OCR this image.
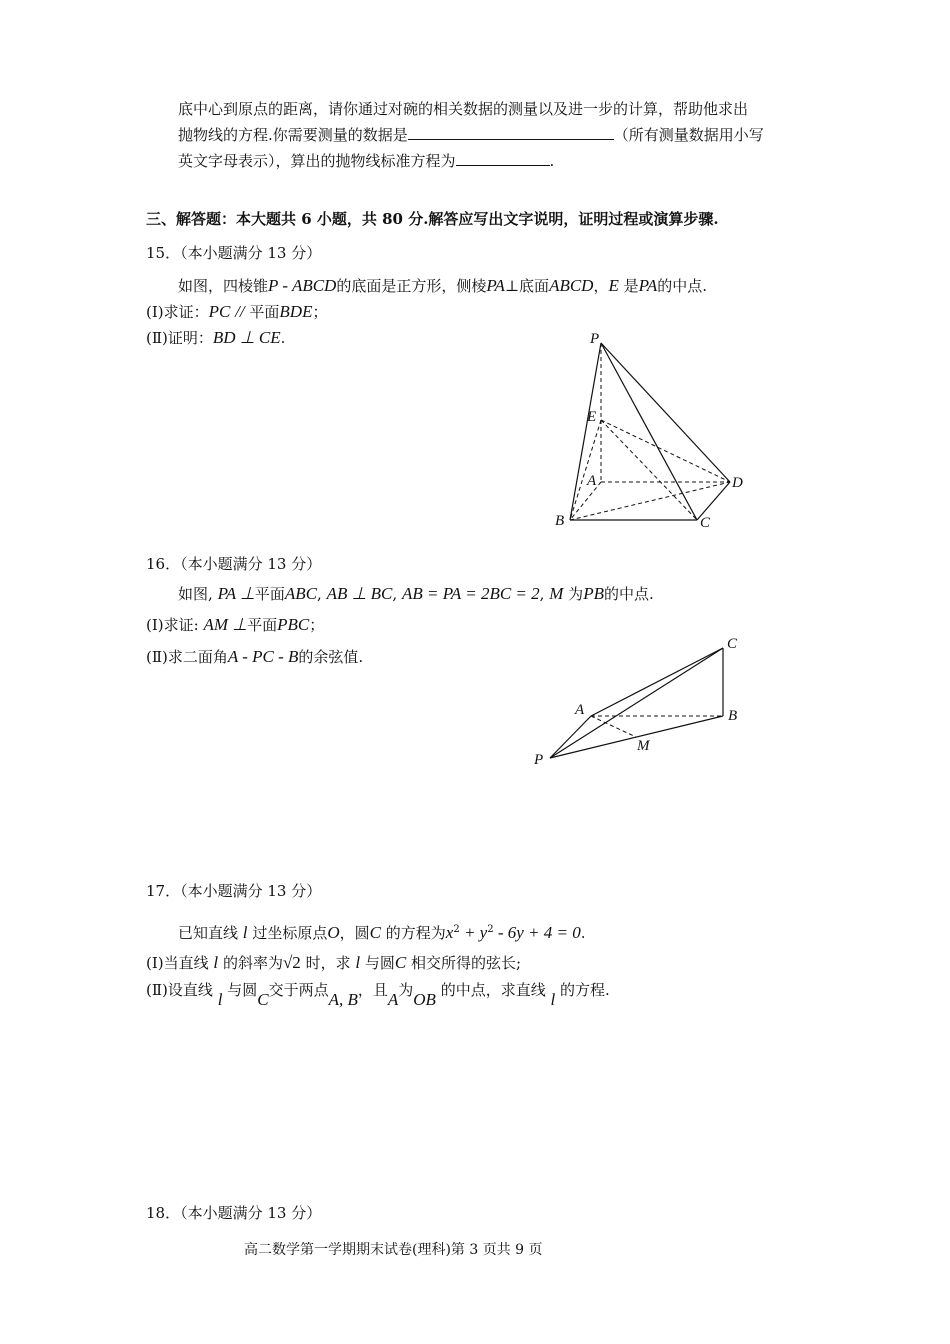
底中心到原点的距离，请你通过对碗的相关数据的测量以及进一步的计算，帮助他求出
抛物线的方程.你需要测量的数据是	（所有测量数据用小写
英文字母表示），算出的抛物线标准方程为	.
三、解答题：本大题共 6 小题，共 80 分.解答应写出文字说明，证明过程或演算步骤.
15．（本小题满分 13 分）
如图，四棱锥P - ABCD的底面是正方形，侧棱PA⊥底面ABCD，E 是PA的中点.
(Ⅰ)求证：PC // 平面BDE；
(Ⅱ)证明：BD ⊥ CE.	P
E
A	D
B	C
16．（本小题满分 13 分）
如图, PA ⊥平面ABC, AB ⊥ BC, AB = PA = 2BC = 2, M 为PB的中点.
(Ⅰ)求证: AM ⊥平面PBC；
(Ⅱ)求二面角A - PC - B的余弦值.
C
A	B
M
P
17．（本小题满分 13 分）
已知直线 l 过坐标原点O，圆C 的方程为$x^2 + y^2 - 6y + 4 = 0$.
(Ⅰ)当直线 l 的斜率为√2 时，求 l 与圆C 相交所得的弦长;
(Ⅱ)设直线 l 与圆C交于两点A, B，且A为OB 的中点，求直线 l 的方程.
18．（本小题满分 13 分）
高二数学第一学期期末试卷(理科)第 3 页共 9 页
